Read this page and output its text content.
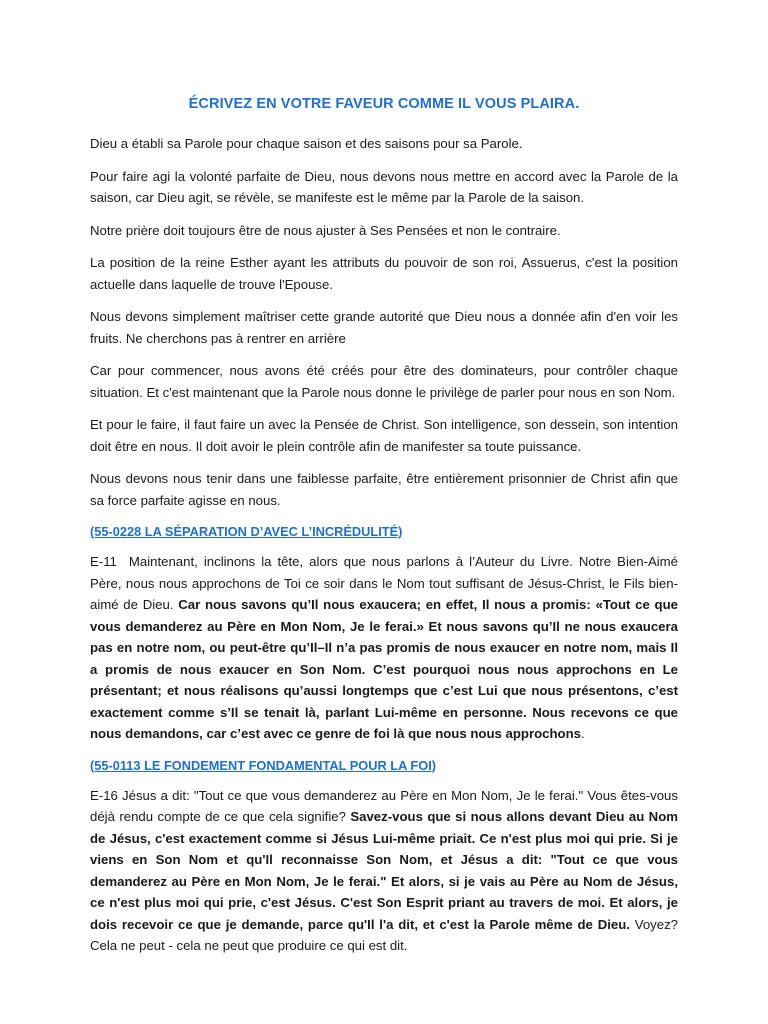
ÉCRIVEZ EN VOTRE FAVEUR COMME IL VOUS PLAIRA.

Dieu a établi sa Parole pour chaque saison et des saisons pour sa Parole.

Pour faire agi la volonté parfaite de Dieu, nous devons nous mettre en accord avec la Parole de la saison, car Dieu agit, se révèle, se manifeste est le même par la Parole de la saison.

Notre prière doit toujours être de nous ajuster à Ses Pensées et non le contraire.

La position de la reine Esther ayant les attributs du pouvoir de son roi, Assuerus, c'est la position actuelle dans laquelle de trouve l'Epouse.

Nous devons simplement maîtriser cette grande autorité que Dieu nous a donnée afin d'en voir les fruits. Ne cherchons pas à rentrer en arrière

Car pour commencer, nous avons été créés pour être des dominateurs, pour contrôler chaque situation. Et c'est maintenant que la Parole nous donne le privilège de parler pour nous en son Nom.

Et pour le faire, il faut faire un avec la Pensée de Christ. Son intelligence, son dessein, son intention doit être en nous. Il doit avoir le plein contrôle afin de manifester sa toute puissance.

Nous devons nous tenir dans une faiblesse parfaite, être entièrement prisonnier de Christ afin que sa force parfaite agisse en nous.

(55-0228 LA SÉPARATION D’AVEC L’INCRÉDULITÉ)

E-11 Maintenant, inclinons la tête, alors que nous parlons à l’Auteur du Livre. Notre Bien-Aimé Père, nous nous approchons de Toi ce soir dans le Nom tout suffisant de Jésus-Christ, le Fils bien-aimé de Dieu. Car nous savons qu’Il nous exaucera; en effet, Il nous a promis: «Tout ce que vous demanderez au Père en Mon Nom, Je le ferai.» Et nous savons qu’Il ne nous exaucera pas en notre nom, ou peut-être qu’Il–Il n’a pas promis de nous exaucer en notre nom, mais Il a promis de nous exaucer en Son Nom. C’est pourquoi nous nous approchons en Le présentant; et nous réalisons qu’aussi longtemps que c’est Lui que nous présentons, c’est exactement comme s’Il se tenait là, parlant Lui-même en personne. Nous recevons ce que nous demandons, car c’est avec ce genre de foi là que nous nous approchons.

(55-0113 LE FONDEMENT FONDAMENTAL POUR LA FOI)

E-16 Jésus a dit: "Tout ce que vous demanderez au Père en Mon Nom, Je le ferai." Vous êtes-vous déjà rendu compte de ce que cela signifie? Savez-vous que si nous allons devant Dieu au Nom de Jésus, c'est exactement comme si Jésus Lui-même priait. Ce n'est plus moi qui prie. Si je viens en Son Nom et qu'Il reconnaisse Son Nom, et Jésus a dit: "Tout ce que vous demanderez au Père en Mon Nom, Je le ferai." Et alors, si je vais au Père au Nom de Jésus, ce n'est plus moi qui prie, c'est Jésus. C'est Son Esprit priant au travers de moi. Et alors, je dois recevoir ce que je demande, parce qu'Il l'a dit, et c'est la Parole même de Dieu. Voyez? Cela ne peut - cela ne peut que produire ce qui est dit.
